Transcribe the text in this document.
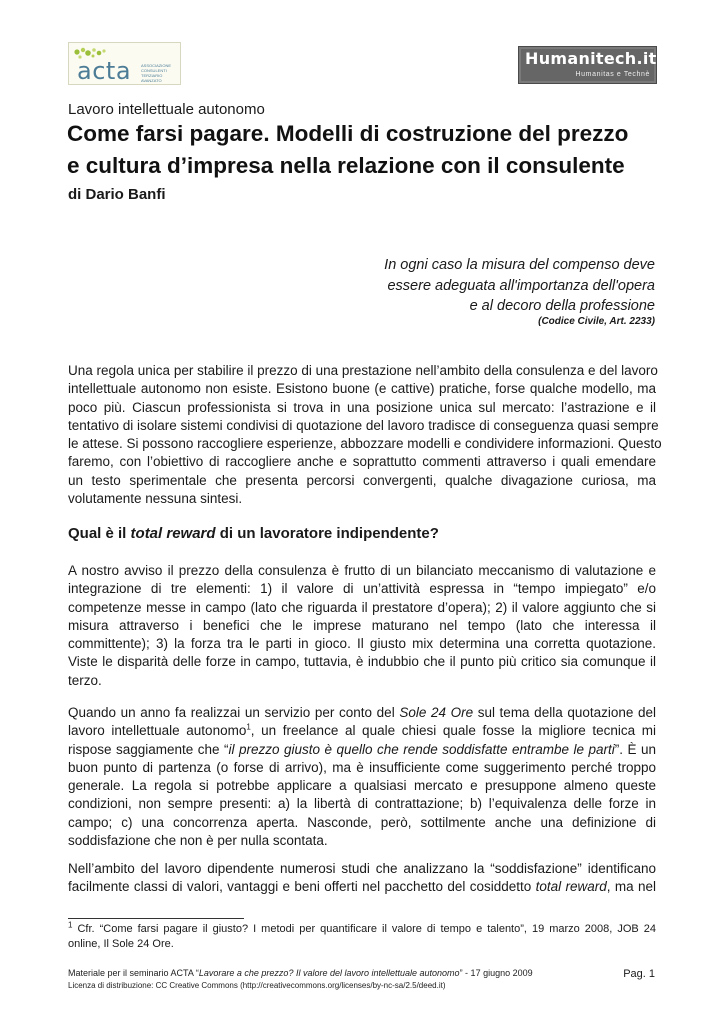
acta ASSOCIAZIONE
CONSULENTI
TERZIARIO
AVANZATO
Humanitech.it
Humanitas e Technè
Lavoro intellettuale autonomo
Come farsi pagare. Modelli di costruzione del prezzo
e cultura d’impresa nella relazione con il consulente
di Dario Banfi
In ogni caso la misura del compenso deve
essere adeguata all'importanza dell'opera
e al decoro della professione
(Codice Civile, Art. 2233)
Una regola unica per stabilire il prezzo di una prestazione nell’ambito della consulenza e del lavoro
intellettuale autonomo non esiste. Esistono buone (e cattive) pratiche, forse qualche modello, ma
poco più. Ciascun professionista si trova in una posizione unica sul mercato: l’astrazione e il
tentativo di isolare sistemi condivisi di quotazione del lavoro tradisce di conseguenza quasi sempre
le attese. Si possono raccogliere esperienze, abbozzare modelli e condividere informazioni. Questo
faremo, con l’obiettivo di raccogliere anche e soprattutto commenti attraverso i quali emendare
un testo sperimentale che presenta percorsi convergenti, qualche divagazione curiosa, ma
volutamente nessuna sintesi.
Qual è il total reward di un lavoratore indipendente?
A nostro avviso il prezzo della consulenza è frutto di un bilanciato meccanismo di valutazione e
integrazione di tre elementi: 1) il valore di un’attività espressa in “tempo impiegato” e/o
competenze messe in campo (lato che riguarda il prestatore d’opera); 2) il valore aggiunto che si
misura attraverso i benefici che le imprese maturano nel tempo (lato che interessa il
committente); 3) la forza tra le parti in gioco. Il giusto mix determina una corretta quotazione.
Viste le disparità delle forze in campo, tuttavia, è indubbio che il punto più critico sia comunque il
terzo.
Quando un anno fa realizzai un servizio per conto del Sole 24 Ore sul tema della quotazione del
lavoro intellettuale autonomo$^1$, un freelance al quale chiesi quale fosse la migliore tecnica mi
rispose saggiamente che “il prezzo giusto è quello che rende soddisfatte entrambe le parti”. È un
buon punto di partenza (o forse di arrivo), ma è insufficiente come suggerimento perché troppo
generale. La regola si potrebbe applicare a qualsiasi mercato e presuppone almeno queste
condizioni, non sempre presenti: a) la libertà di contrattazione; b) l’equivalenza delle forze in
campo; c) una concorrenza aperta. Nasconde, però, sottilmente anche una definizione di
soddisfazione che non è per nulla scontata.
Nell’ambito del lavoro dipendente numerosi studi che analizzano la “soddisfazione” identificano
facilmente classi di valori, vantaggi e beni offerti nel pacchetto del cosiddetto total reward, ma nel
$^1$ Cfr. “Come farsi pagare il giusto? I metodi per quantificare il valore di tempo e talento”, 19 marzo 2008, JOB 24
online, Il Sole 24 Ore.
Materiale per il seminario ACTA “Lavorare a che prezzo? Il valore del lavoro intellettuale autonomo” - 17 giugno 2009
Licenza di distribuzione: CC Creative Commons (http://creativecommons.org/licenses/by-nc-sa/2.5/deed.it)
Pag. 1
